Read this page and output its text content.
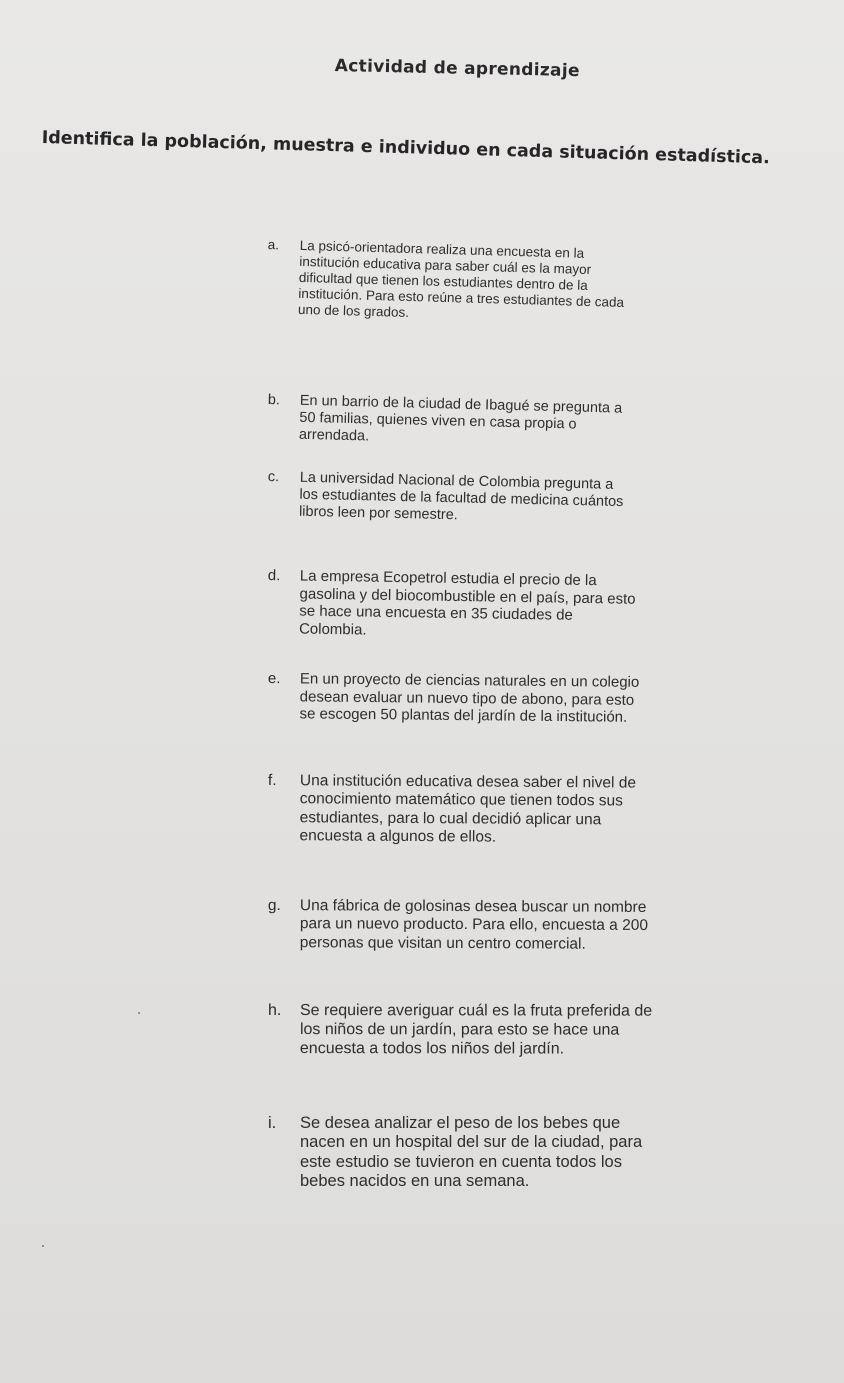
Actividad de aprendizaje
Identifica la población, muestra e individuo en cada situación estadística.
a.	La psicó-orientadora realiza una encuesta en la institución educativa para saber cuál es la mayor dificultad que tienen los estudiantes dentro de la institución. Para esto reúne a tres estudiantes de cada uno de los grados.
b.	En un barrio de la ciudad de Ibagué se pregunta a 50 familias, quienes viven en casa propia o arrendada.
c.	La universidad Nacional de Colombia pregunta a los estudiantes de la facultad de medicina cuántos libros leen por semestre.
d.	La empresa Ecopetrol estudia el precio de la gasolina y del biocombustible en el país, para esto se hace una encuesta en 35 ciudades de Colombia.
e.	En un proyecto de ciencias naturales en un colegio desean evaluar un nuevo tipo de abono, para esto se escogen 50 plantas del jardín de la institución.
f.	Una institución educativa desea saber el nivel de conocimiento matemático que tienen todos sus estudiantes, para lo cual decidió aplicar una encuesta a algunos de ellos.
g.	Una fábrica de golosinas desea buscar un nombre para un nuevo producto. Para ello, encuesta a 200 personas que visitan un centro comercial.
h.	Se requiere averiguar cuál es la fruta preferida de los niños de un jardín, para esto se hace una encuesta a todos los niños del jardín.
i.	Se desea analizar el peso de los bebes que nacen en un hospital del sur de la ciudad, para este estudio se tuvieron en cuenta todos los bebes nacidos en una semana.
